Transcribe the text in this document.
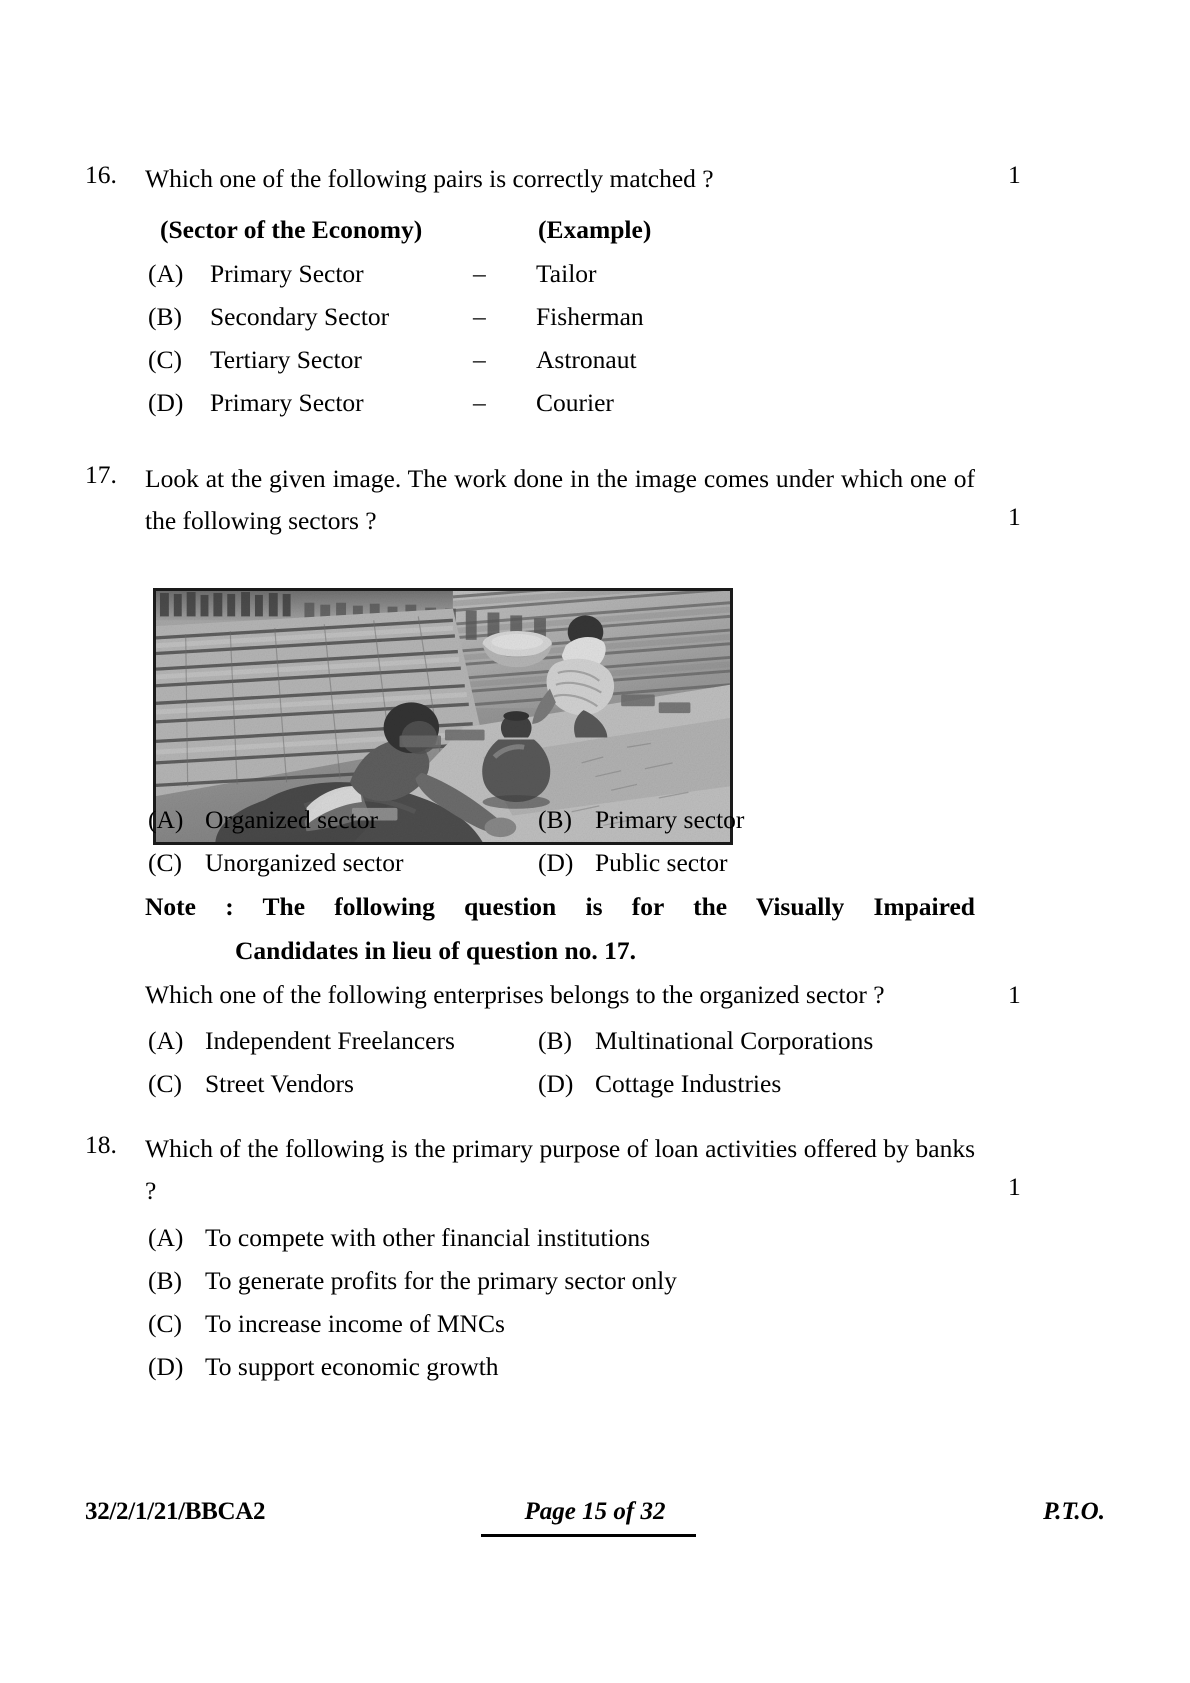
16.	Which one of the following pairs is correctly matched ?	1
(Sector of the Economy)	(Example)
(A) Primary Sector	– Tailor
(B) Secondary Sector	– Fisherman
(C) Tertiary Sector	– Astronaut
(D) Primary Sector	– Courier
17.	Look at the given image. The work done in the image comes under which one of the following sectors ?	1
(A) Organized sector	(B) Primary sector
(C) Unorganized sector	(D) Public sector
Note : The following question is for the Visually Impaired
Candidates in lieu of question no. 17.
Which one of the following enterprises belongs to the organized sector ?	1
(A) Independent Freelancers	(B) Multinational Corporations
(C) Street Vendors	(D) Cottage Industries
18.	Which of the following is the primary purpose of loan activities offered by banks ?	1
(A) To compete with other financial institutions
(B) To generate profits for the primary sector only
(C) To increase income of MNCs
(D) To support economic growth
32/2/1/21/BBCA2	Page 15 of 32	P.T.O.
